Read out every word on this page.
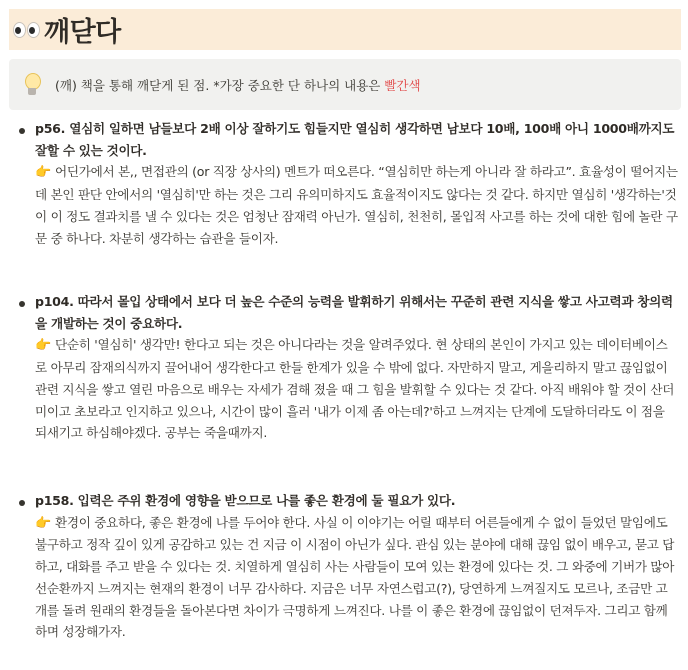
깨닫다
(깨) 책을 통해 깨닫게 된 점. *가장 중요한 단 하나의 내용은 빨간색
p56. 열심히 일하면 남들보다 2배 이상 잘하기도 힘들지만 열심히 생각하면 남보다 10배, 100배 아니 1000배까지도 잘할 수 있는 것이다.
👉 어딘가에서 본,, 면접관의 (or 직장 상사의) 멘트가 떠오른다. “열심히만 하는게 아니라 잘 하라고”. 효율성이 떨어지는데 본인 판단 안에서의 '열심히'만 하는 것은 그리 유의미하지도 효율적이지도 않다는 것 같다. 하지만 열심히 '생각하는'것이 이 정도 결과치를 낼 수 있다는 것은 엄청난 잠재력 아닌가. 열심히, 천천히, 몰입적 사고를 하는 것에 대한 힘에 놀란 구문 중 하나다. 차분히 생각하는 습관을 들이자.
p104. 따라서 몰입 상태에서 보다 더 높은 수준의 능력을 발휘하기 위해서는 꾸준히 관련 지식을 쌓고 사고력과 창의력을 개발하는 것이 중요하다.
👉 단순히 '열심히' 생각만! 한다고 되는 것은 아니다라는 것을 알려주었다. 현 상태의 본인이 가지고 있는 데이터베이스로 아무리 잠재의식까지 끌어내어 생각한다고 한들 한계가 있을 수 밖에 없다. 자만하지 말고, 게을리하지 말고 끊임없이 관련 지식을 쌓고 열린 마음으로 배우는 자세가 겸해 졌을 때 그 힘을 발휘할 수 있다는 것 같다. 아직 배워야 할 것이 산더미이고 초보라고 인지하고 있으나, 시간이 많이 흘러 '내가 이제 좀 아는데?'하고 느껴지는 단계에 도달하더라도 이 점을 되새기고 하심해야겠다. 공부는 죽을때까지.
p158. 입력은 주위 환경에 영향을 받으므로 나를 좋은 환경에 둘 필요가 있다.
👉 환경이 중요하다, 좋은 환경에 나를 두어야 한다. 사실 이 이야기는 어릴 때부터 어른들에게 수 없이 들었던 말임에도 불구하고 정작 깊이 있게 공감하고 있는 건 지금 이 시점이 아닌가 싶다. 관심 있는 분야에 대해 끊임 없이 배우고, 묻고 답하고, 대화를 주고 받을 수 있다는 것. 치열하게 열심히 사는 사람들이 모여 있는 환경에 있다는 것. 그 와중에 기버가 많아 선순환까지 느껴지는 현재의 환경이 너무 감사하다. 지금은 너무 자연스럽고(?), 당연하게 느껴질지도 모르나, 조금만 고개를 돌려 원래의 환경들을 돌아본다면 차이가 극명하게 느껴진다. 나를 이 좋은 환경에 끊임없이 던져두자. 그리고 함께 하며 성장해가자.
